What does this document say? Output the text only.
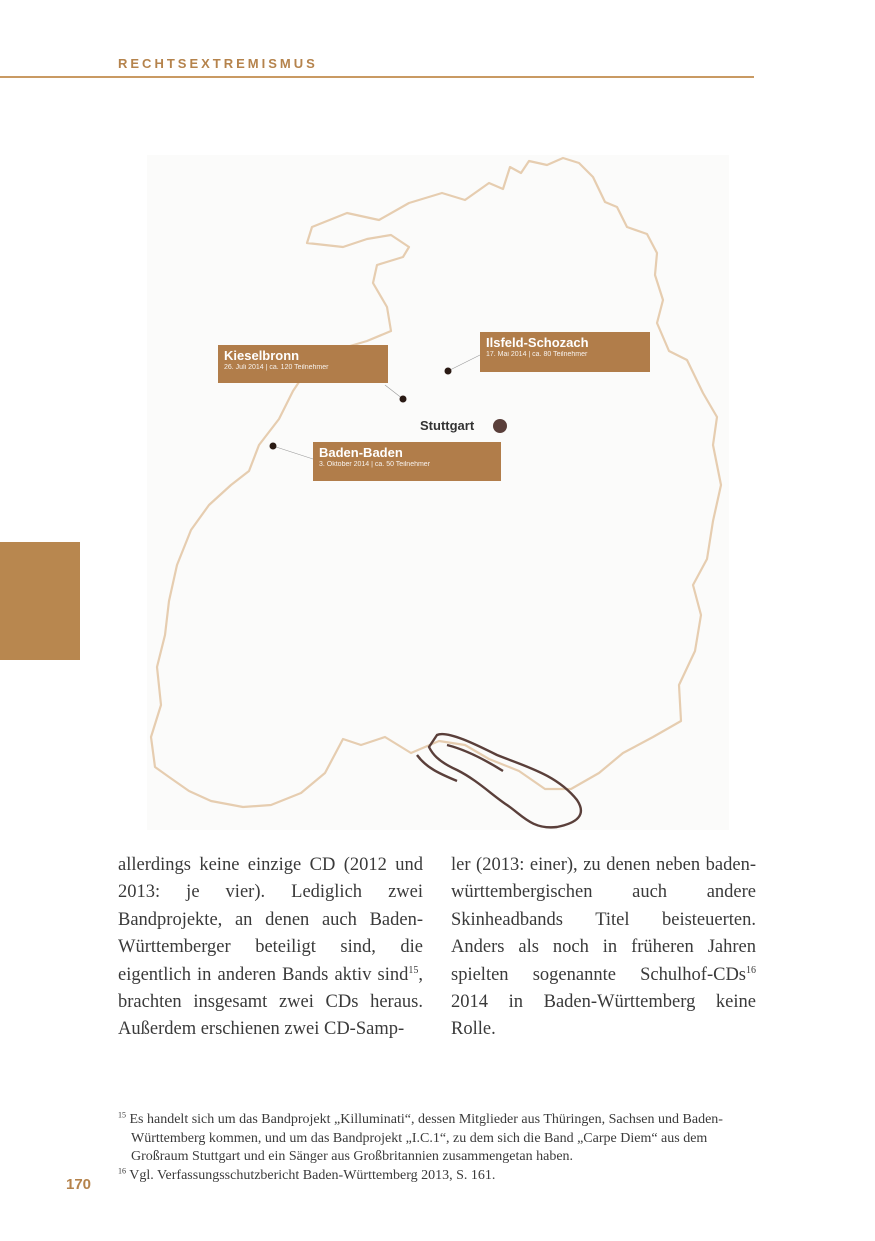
RECHTSEXTREMISMUS
Kieselbronn
26. Juli 2014 | ca. 120 Teilnehmer
Ilsfeld-Schozach
17. Mai 2014 | ca. 80 Teilnehmer
Baden-Baden
3. Oktober 2014 | ca. 50 Teilnehmer
Stuttgart

allerdings keine einzige CD (2012 und 2013: je vier). Lediglich zwei Bandprojekte, an denen auch Baden-Württemberger beteiligt sind, die eigentlich in anderen Bands aktiv sind$^{15}$, brachten insgesamt zwei CDs heraus. Außerdem erschienen zwei CD-Samp-

ler (2013: einer), zu denen neben baden-württembergischen auch andere Skinheadbands Titel beisteuerten. Anders als noch in früheren Jahren spielten sogenannte Schulhof-CDs$^{16}$ 2014 in Baden-Württemberg keine Rolle.

$^{15}$ Es handelt sich um das Bandprojekt „Killuminati“, dessen Mitglieder aus Thüringen, Sachsen und Baden-Württemberg kommen, und um das Bandprojekt „I.C.1“, zu dem sich die Band „Carpe Diem“ aus dem Großraum Stuttgart und ein Sänger aus Großbritannien zusammengetan haben.
$^{16}$ Vgl. Verfassungsschutzbericht Baden-Württemberg 2013, S. 161.
170
